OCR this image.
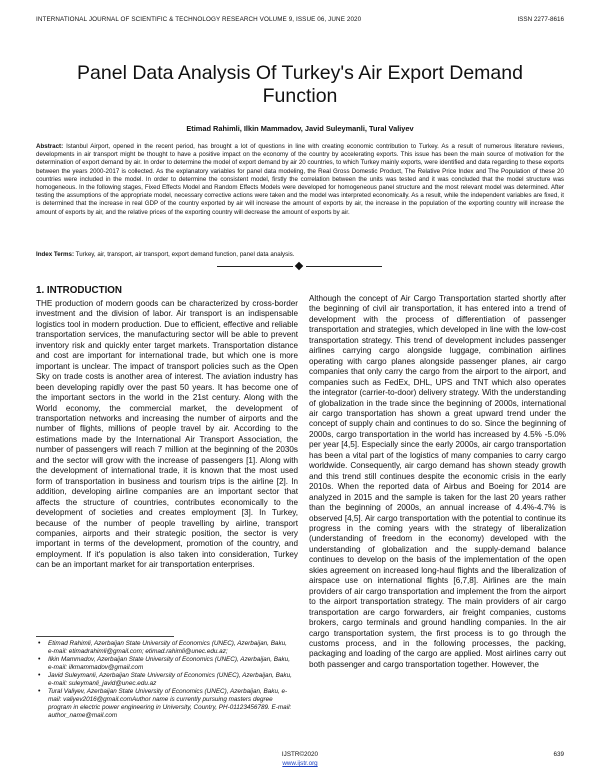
INTERNATIONAL JOURNAL OF SCIENTIFIC & TECHNOLOGY RESEARCH VOLUME 9, ISSUE 06, JUNE 2020	ISSN 2277-8616
Panel Data Analysis Of Turkey's Air Export Demand Function
Etimad Rahimli, Ilkin Mammadov, Javid Suleymanli, Tural Valiyev

Abstract: Istanbul Airport, opened in the recent period, has brought a lot of questions in line with creating economic contribution to Turkey. As a result of numerous literature reviews, developments in air transport might be thought to have a positive impact on the economy of the country by accelerating exports. This issue has been the main source of motivation for the determination of export demand by air. In order to determine the model of export demand by air 20 countries, to which Turkey mainly exports, were identified and data regarding to these exports between the years 2000-2017 is collected. As the explanatory variables for panel data modeling, the Real Gross Domestic Product, The Relative Price Index and The Population of these 20 countries were included in the model. In order to determine the consistent model, firstly the correlation between the units was tested and it was concluded that the model structure was homogeneous. In the following stages, Fixed Effects Model and Random Effects Models were developed for homogeneous panel structure and the most relevant model was determined. After testing the assumptions of the appropriate model, necessary corrective actions were taken and the model was interpreted economically. As a result, while the independent variables are fixed, it is determined that the increase in real GDP of the country exported by air will increase the amount of exports by air, the increase in the population of the exporting country will increase the amount of exports by air, and the relative prices of the exporting country will decrease the amount of exports by air.

Index Terms: Turkey, air, transport, air transport, export demand function, panel data analysis.

1. INTRODUCTION

THE production of modern goods can be characterized by cross-border investment and the division of labor. Air transport is an indispensable logistics tool in modern production. Due to efficient, effective and reliable transportation services, the manufacturing sector will be able to prevent inventory risk and quickly enter target markets. Transportation distance and cost are important for international trade, but which one is more important is unclear. The impact of transport policies such as the Open Sky on trade costs is another area of interest. The aviation industry has been developing rapidly over the past 50 years. It has become one of the important sectors in the world in the 21st century. Along with the World economy, the commercial market, the development of transportation networks and increasing the number of airports and the number of flights, millions of people travel by air. According to the estimations made by the International Air Transport Association, the number of passengers will reach 7 million at the beginning of the 2030s and the sector will grow with the increase of passengers [1]. Along with the development of international trade, it is known that the most used form of transportation in business and tourism trips is the airline [2]. In addition, developing airline companies are an important sector that affects the structure of countries, contributes economically to the development of societies and creates employment [3]. In Turkey, because of the number of people travelling by airline, transport companies, airports and their strategic position, the sector is very important in terms of the development, promotion of the country, and employment. If it's population is also taken into consideration, Turkey can be an important market for air transportation enterprises.

Although the concept of Air Cargo Transportation started shortly after the beginning of civil air transportation, it has entered into a trend of development with the process of differentiation of passenger transportation and strategies, which developed in line with the low-cost transportation strategy. This trend of development includes passenger airlines carrying cargo alongside luggage, combination airlines operating with cargo planes alongside passenger planes, air cargo companies that only carry the cargo from the airport to the airport, and companies such as FedEx, DHL, UPS and TNT which also operates the integrator (carrier-to-door) delivery strategy. With the understanding of globalization in the trade since the beginning of 2000s, international air cargo transportation has shown a great upward trend under the concept of supply chain and continues to do so. Since the beginning of 2000s, cargo transportation in the world has increased by 4.5% -5.0% per year [4,5]. Especially since the early 2000s, air cargo transportation has been a vital part of the logistics of many companies to carry cargo worldwide. Consequently, air cargo demand has shown steady growth and this trend still continues despite the economic crisis in the early 2010s. When the reported data of Airbus and Boeing for 2014 are analyzed in 2015 and the sample is taken for the last 20 years rather than the beginning of 2000s, an annual increase of 4.4%-4.7% is observed [4,5]. Air cargo transportation with the potential to continue its progress in the coming years with the strategy of liberalization (understanding of freedom in the economy) developed with the understanding of globalization and the supply-demand balance continues to develop on the basis of the implementation of the open skies agreement on increased long-haul flights and the liberalization of airspace use on international flights [6,7,8]. Airlines are the main providers of air cargo transportation and implement the from the airport to the airport transportation strategy. The main providers of air cargo transportation are cargo forwarders, air freight companies, customs brokers, cargo terminals and ground handling companies. In the air cargo transportation system, the first process is to go through the customs process, and in the following processes, the packing, packaging and loading of the cargo are applied. Most airlines carry out both passenger and cargo transportation together. However, the

• Etimad Rahimli, Azerbaijan State University of Economics (UNEC), Azerbaijan, Baku, e-mail: etimadrahimli@gmail.com; etimad.rahimli@unec.edu.az;
• Ilkin Mammadov, Azerbaijan State University of Economics (UNEC), Azerbaijan, Baku, e-mail: ilkmammadov@gmail.com
• Javid Suleymanli, Azerbaijan State University of Economics (UNEC), Azerbaijan, Baku, e-mail: suleymanli_javid@unec.edu.az
• Tural Valiyev, Azerbaijan State University of Economics (UNEC), Azerbaijan, Baku, e-mail: valiyev2016@gmail.comAuthor name is currently pursuing masters degree program in electric power engineering in University, Country, PH-01123456789. E-mail: author_name@mail.com
IJSTR©2020
www.ijstr.org
639
